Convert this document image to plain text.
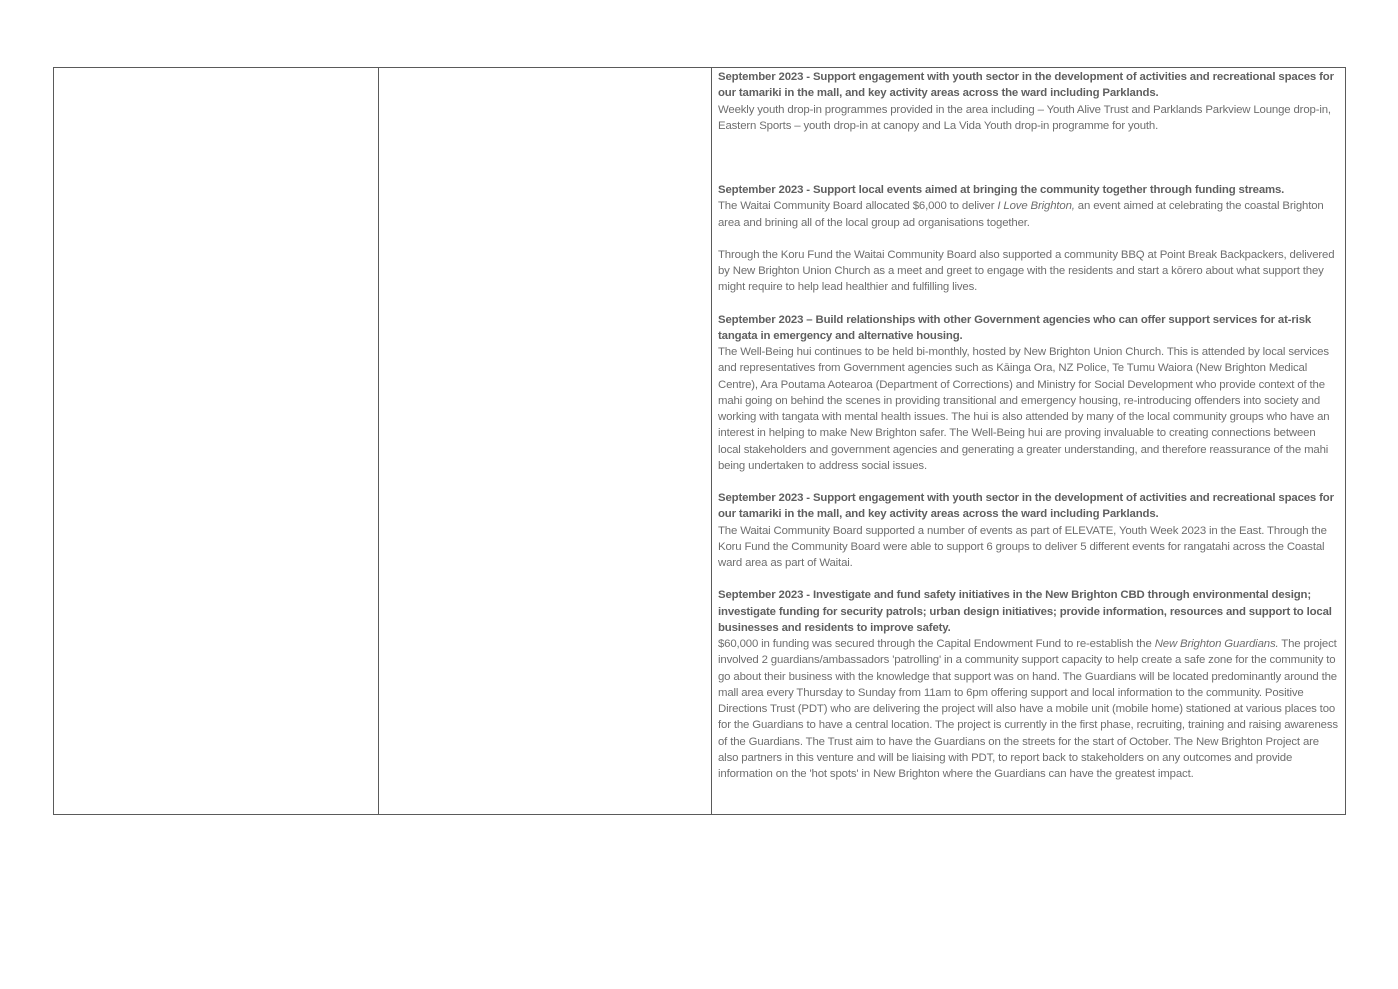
September 2023 - Support engagement with youth sector in the development of activities and recreational spaces for our tamariki in the mall, and key activity areas across the ward including Parklands.

Weekly youth drop-in programmes provided in the area including – Youth Alive Trust and Parklands Parkview Lounge drop-in, Eastern Sports – youth drop-in at canopy and La Vida Youth drop-in programme for youth.

September 2023 - Support local events aimed at bringing the community together through funding streams.

The Waitai Community Board allocated $6,000 to deliver I Love Brighton, an event aimed at celebrating the coastal Brighton area and brining all of the local group ad organisations together.

Through the Koru Fund the Waitai Community Board also supported a community BBQ at Point Break Backpackers, delivered by New Brighton Union Church as a meet and greet to engage with the residents and start a kōrero about what support they might require to help lead healthier and fulfilling lives.

September 2023 – Build relationships with other Government agencies who can offer support services for at-risk tangata in emergency and alternative housing.

The Well-Being hui continues to be held bi-monthly, hosted by New Brighton Union Church. This is attended by local services and representatives from Government agencies such as Kāinga Ora, NZ Police, Te Tumu Waiora (New Brighton Medical Centre), Ara Poutama Aotearoa (Department of Corrections) and Ministry for Social Development who provide context of the mahi going on behind the scenes in providing transitional and emergency housing, re-introducing offenders into society and working with tangata with mental health issues. The hui is also attended by many of the local community groups who have an interest in helping to make New Brighton safer. The Well-Being hui are proving invaluable to creating connections between local stakeholders and government agencies and generating a greater understanding, and therefore reassurance of the mahi being undertaken to address social issues.

September 2023 - Support engagement with youth sector in the development of activities and recreational spaces for our tamariki in the mall, and key activity areas across the ward including Parklands.

The Waitai Community Board supported a number of events as part of ELEVATE, Youth Week 2023 in the East. Through the Koru Fund the Community Board were able to support 6 groups to deliver 5 different events for rangatahi across the Coastal ward area as part of Waitai.

September 2023 - Investigate and fund safety initiatives in the New Brighton CBD through environmental design; investigate funding for security patrols; urban design initiatives; provide information, resources and support to local businesses and residents to improve safety.

$60,000 in funding was secured through the Capital Endowment Fund to re-establish the New Brighton Guardians. The project involved 2 guardians/ambassadors 'patrolling' in a community support capacity to help create a safe zone for the community to go about their business with the knowledge that support was on hand. The Guardians will be located predominantly around the mall area every Thursday to Sunday from 11am to 6pm offering support and local information to the community. Positive Directions Trust (PDT) who are delivering the project will also have a mobile unit (mobile home) stationed at various places too for the Guardians to have a central location. The project is currently in the first phase, recruiting, training and raising awareness of the Guardians. The Trust aim to have the Guardians on the streets for the start of October. The New Brighton Project are also partners in this venture and will be liaising with PDT, to report back to stakeholders on any outcomes and provide information on the 'hot spots' in New Brighton where the Guardians can have the greatest impact.
